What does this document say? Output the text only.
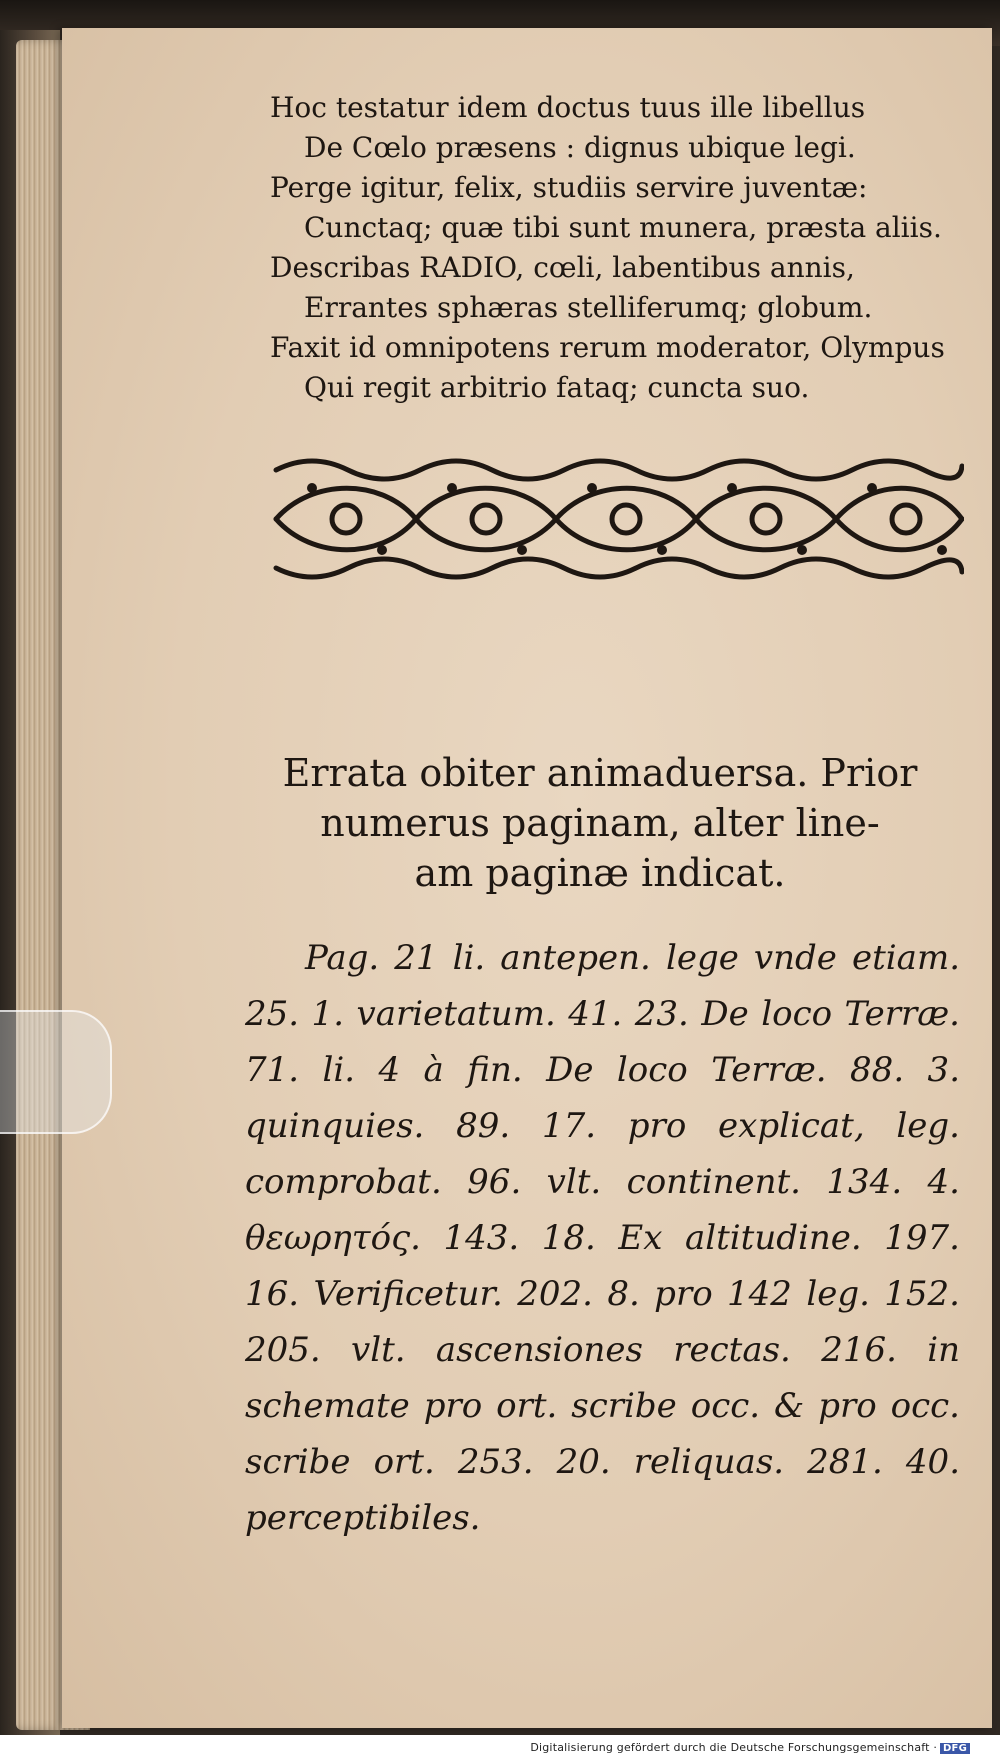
Hoc testatur idem doctus tuus ille libellus
De Cœlo præsens : dignus ubique legi.
Perge igitur, felix, studiis servire juventæ:
Cunctaq; quæ tibi sunt munera, præsta aliis.
Describas RADIO, cœli, labentibus annis,
Errantes sphæras stelliferumq; globum.
Faxit id omnipotens rerum moderator, Olympus
Qui regit arbitrio fataq; cuncta suo.
Errata obiter animaduersa. Prior
numerus paginam, alter line-
am paginæ indicat.

Pag. 21 li. antepen. lege vnde etiam. 25. 1. varietatum. 41. 23. De loco Terræ. 71. li. 4 à fin. De loco Terræ. 88. 3. quinquies. 89. 17. pro explicat, leg. comprobat. 96. vlt. continent. 134. 4. θεωρητός. 143. 18. Ex altitudine. 197. 16. Verificetur. 202. 8. pro 142 leg. 152. 205. vlt. ascensiones rectas. 216. in schemate pro ort. scribe occ. & pro occ. scribe ort. 253. 20. reliquas. 281. 40. perceptibiles.

Digitalisierung gefördert durch die Deutsche Forschungsgemeinschaft · DFG
